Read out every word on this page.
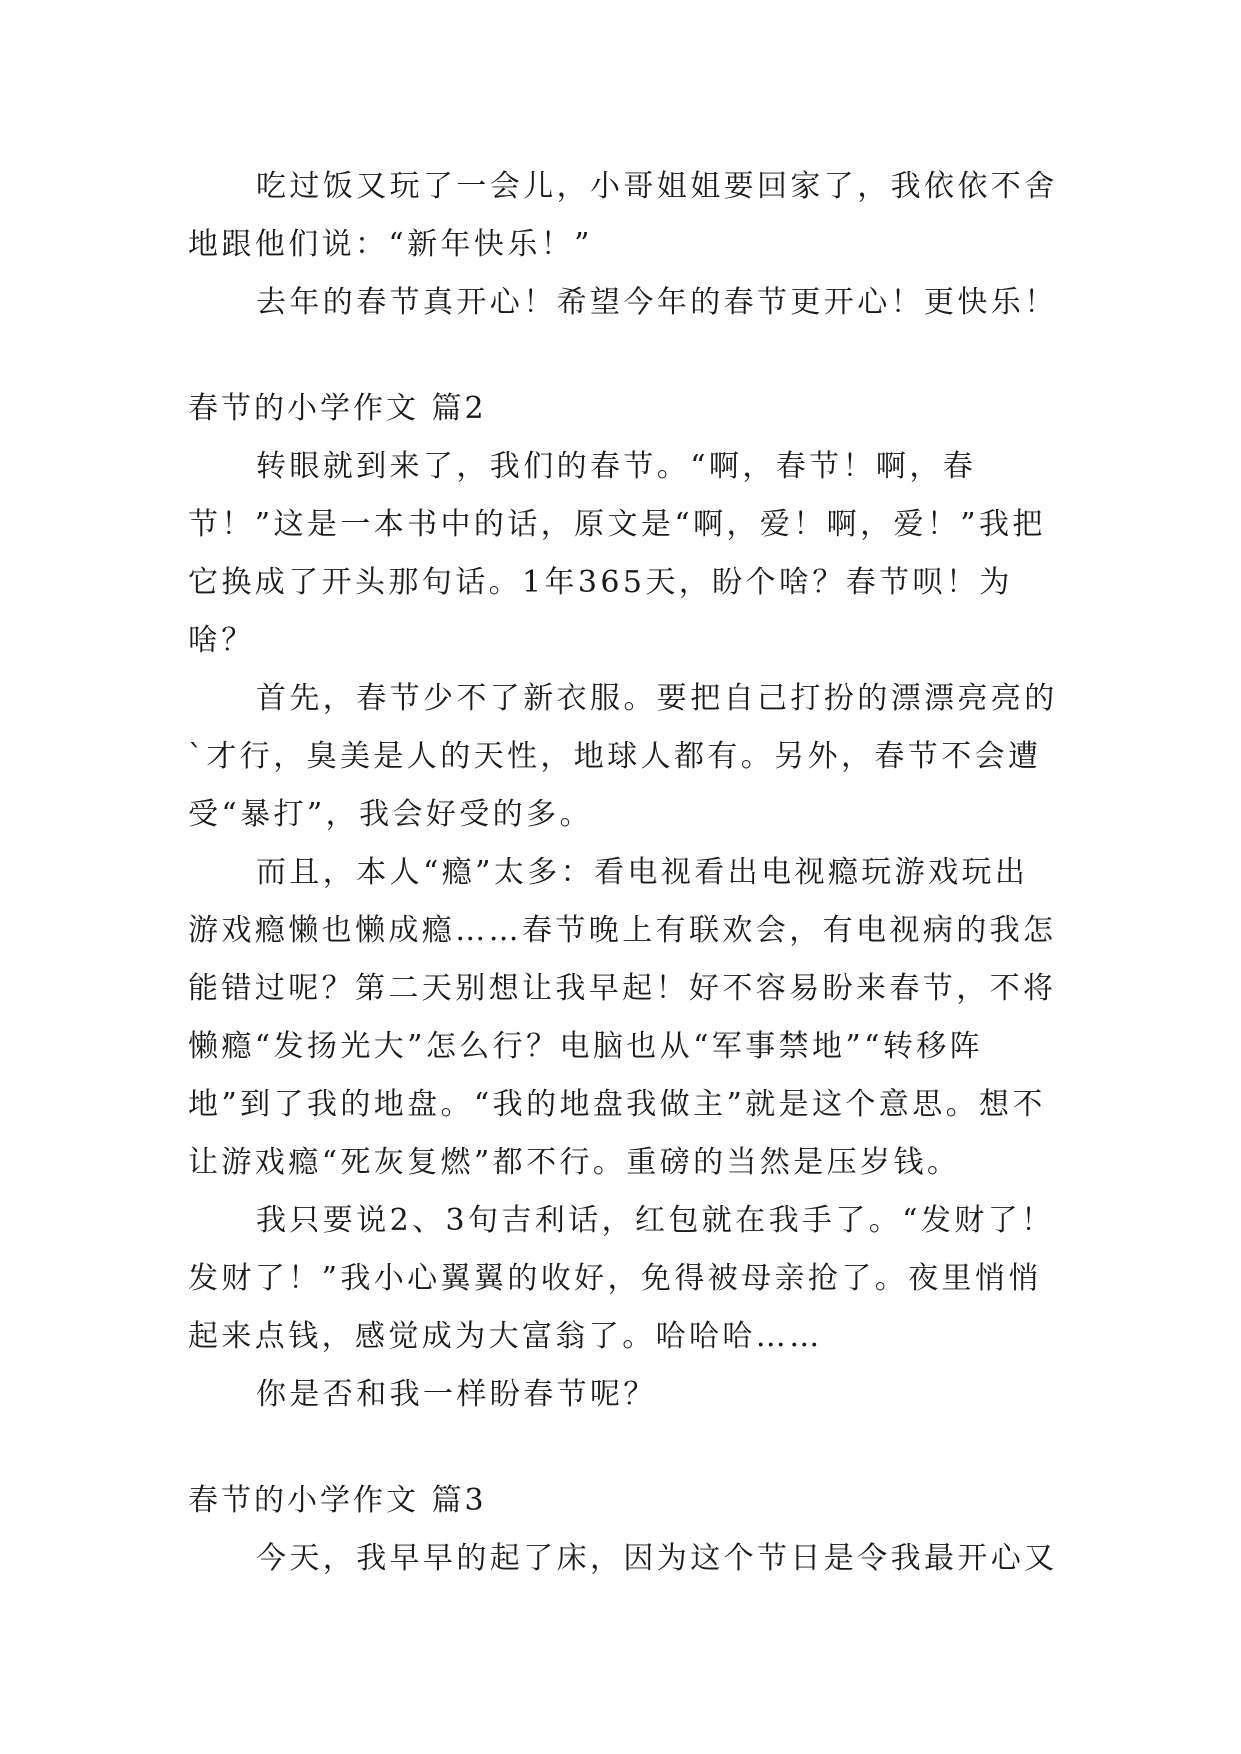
吃过饭又玩了一会儿，小哥姐姐要回家了，我依依不舍地跟他们说：“新年快乐！”

去年的春节真开心！希望今年的春节更开心！更快乐！

春节的小学作文 篇2

转眼就到来了，我们的春节。“啊，春节！啊，春节！”这是一本书中的话，原文是“啊，爱！啊，爱！”我把它换成了开头那句话。1年365天，盼个啥？春节呗！为啥？

首先，春节少不了新衣服。要把自己打扮的漂漂亮亮的`才行，臭美是人的天性，地球人都有。另外，春节不会遭受“暴打”，我会好受的多。

而且，本人“瘾”太多：看电视看出电视瘾玩游戏玩出游戏瘾懒也懒成瘾……春节晚上有联欢会，有电视病的我怎能错过呢？第二天别想让我早起！好不容易盼来春节，不将懒瘾“发扬光大”怎么行？电脑也从“军事禁地”“转移阵地”到了我的地盘。“我的地盘我做主”就是这个意思。想不让游戏瘾“死灰复燃”都不行。重磅的当然是压岁钱。

我只要说2、3句吉利话，红包就在我手了。“发财了！发财了！”我小心翼翼的收好，免得被母亲抢了。夜里悄悄起来点钱，感觉成为大富翁了。哈哈哈……

你是否和我一样盼春节呢？

春节的小学作文 篇3

今天，我早早的起了床，因为这个节日是令我最开心又
